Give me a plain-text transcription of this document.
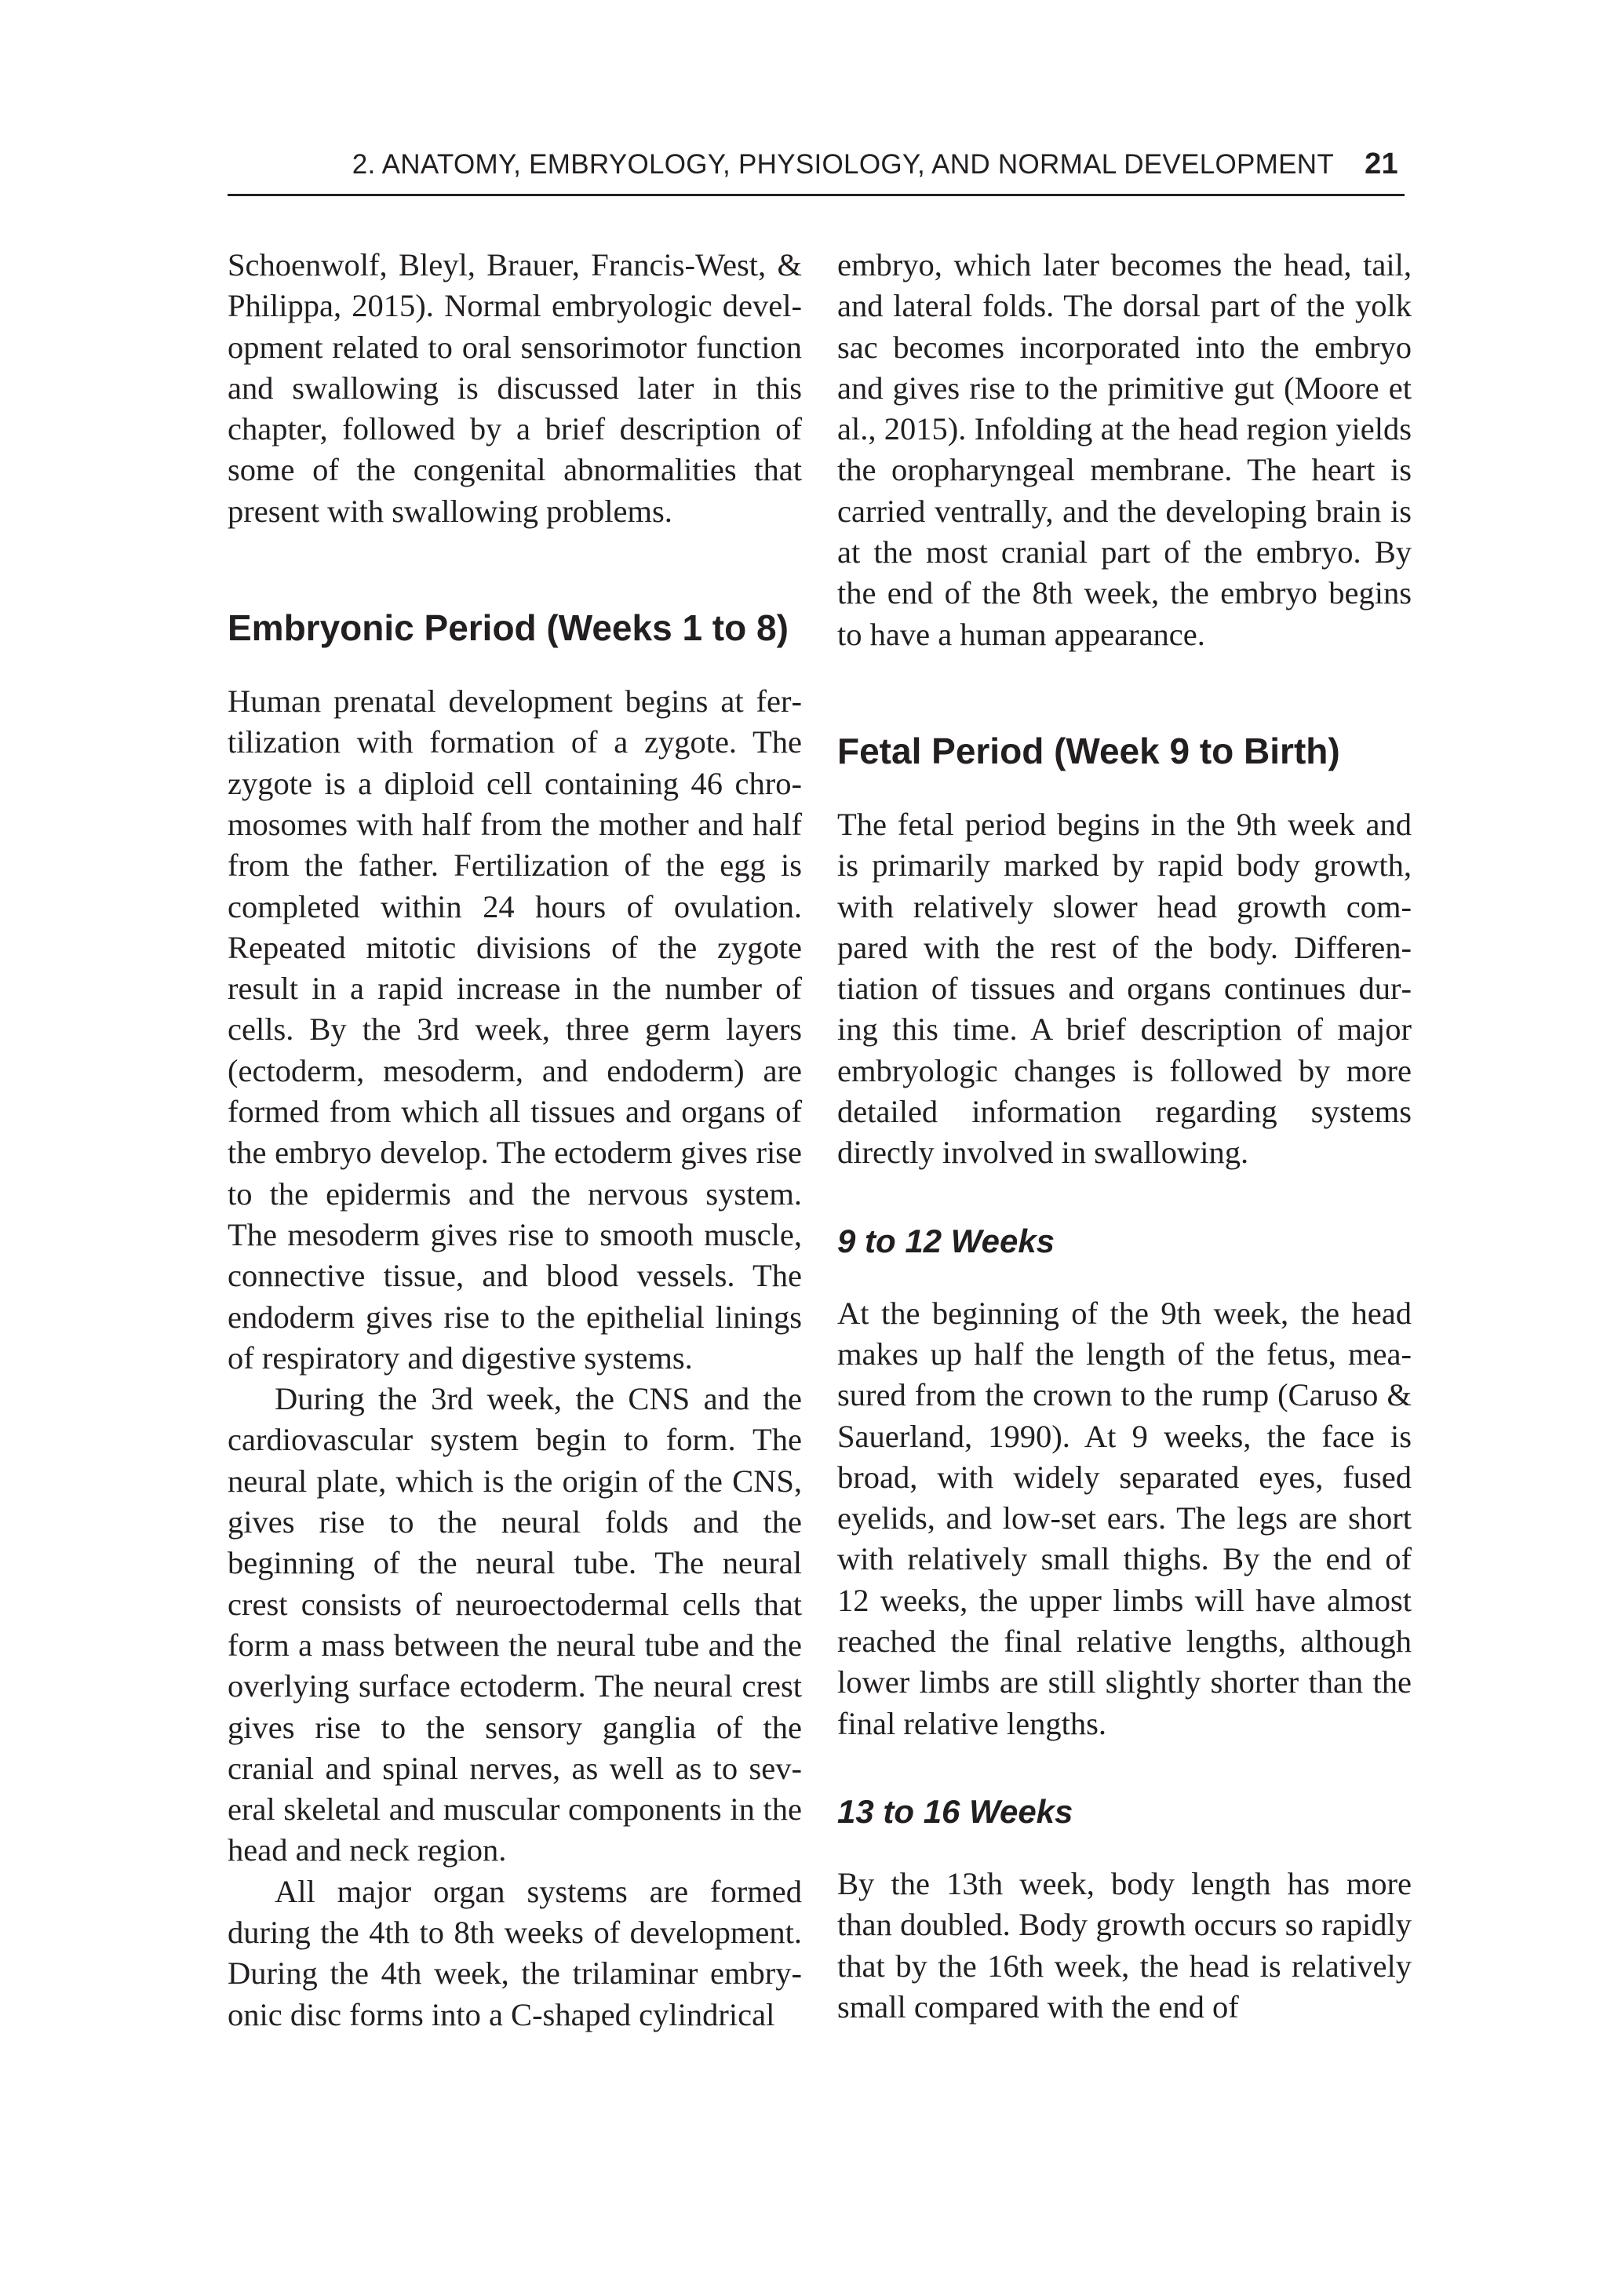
2. ANATOMY, EMBRYOLOGY, PHYSIOLOGY, AND NORMAL DEVELOPMENT 21

Schoenwolf, Bleyl, Brauer, Francis-West, & Philippa, 2015). Normal embryologic development related to oral sensorimotor function and swallowing is discussed later in this chapter, followed by a brief description of some of the congenital abnormalities that present with swallowing problems.

Embryonic Period (Weeks 1 to 8)

Human prenatal development begins at fertilization with formation of a zygote. The zygote is a diploid cell containing 46 chromosomes with half from the mother and half from the father. Fertilization of the egg is completed within 24 hours of ovulation. Repeated mitotic divisions of the zygote result in a rapid increase in the number of cells. By the 3rd week, three germ layers (ectoderm, mesoderm, and endoderm) are formed from which all tissues and organs of the embryo develop. The ectoderm gives rise to the epidermis and the nervous system. The mesoderm gives rise to smooth muscle, connective tissue, and blood vessels. The endoderm gives rise to the epithelial linings of respiratory and digestive systems.

During the 3rd week, the CNS and the cardiovascular system begin to form. The neural plate, which is the origin of the CNS, gives rise to the neural folds and the beginning of the neural tube. The neural crest consists of neuroectodermal cells that form a mass between the neural tube and the overlying surface ectoderm. The neural crest gives rise to the sensory ganglia of the cranial and spinal nerves, as well as to several skeletal and muscular components in the head and neck region.

All major organ systems are formed during the 4th to 8th weeks of development. During the 4th week, the trilaminar embryonic disc forms into a C-shaped cylindrical

embryo, which later becomes the head, tail, and lateral folds. The dorsal part of the yolk sac becomes incorporated into the embryo and gives rise to the primitive gut (Moore et al., 2015). Infolding at the head region yields the oropharyngeal membrane. The heart is carried ventrally, and the developing brain is at the most cranial part of the embryo. By the end of the 8th week, the embryo begins to have a human appearance.

Fetal Period (Week 9 to Birth)

The fetal period begins in the 9th week and is primarily marked by rapid body growth, with relatively slower head growth compared with the rest of the body. Differentiation of tissues and organs continues during this time. A brief description of major embryologic changes is followed by more detailed information regarding systems directly involved in swallowing.

9 to 12 Weeks

At the beginning of the 9th week, the head makes up half the length of the fetus, measured from the crown to the rump (Caruso & Sauerland, 1990). At 9 weeks, the face is broad, with widely separated eyes, fused eyelids, and low-set ears. The legs are short with relatively small thighs. By the end of 12 weeks, the upper limbs will have almost reached the final relative lengths, although lower limbs are still slightly shorter than the final relative lengths.

13 to 16 Weeks

By the 13th week, body length has more than doubled. Body growth occurs so rapidly that by the 16th week, the head is relatively small compared with the end of
